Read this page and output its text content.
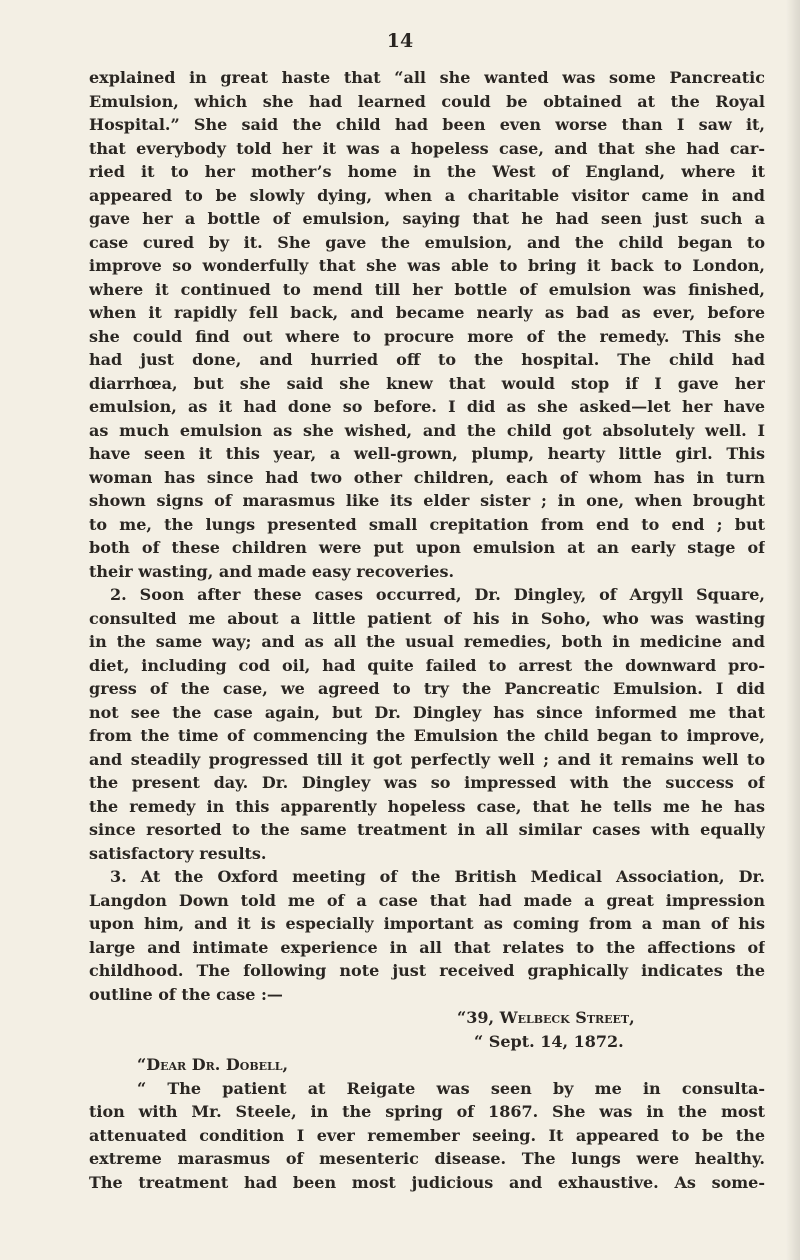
14
explained in great haste that “all she wanted was some Pancreatic
Emulsion, which she had learned could be obtained at the Royal
Hospital.” She said the child had been even worse than I saw it,
that everybody told her it was a hopeless case, and that she had car-
ried it to her mother’s home in the West of England, where it
appeared to be slowly dying, when a charitable visitor came in and
gave her a bottle of emulsion, saying that he had seen just such a
case cured by it. She gave the emulsion, and the child began to
improve so wonderfully that she was able to bring it back to London,
where it continued to mend till her bottle of emulsion was finished,
when it rapidly fell back, and became nearly as bad as ever, before
she could find out where to procure more of the remedy. This she
had just done, and hurried off to the hospital. The child had
diarrhœa, but she said she knew that would stop if I gave her
emulsion, as it had done so before. I did as she asked—let her have
as much emulsion as she wished, and the child got absolutely well. I
have seen it this year, a well-grown, plump, hearty little girl. This
woman has since had two other children, each of whom has in turn
shown signs of marasmus like its elder sister ; in one, when brought
to me, the lungs presented small crepitation from end to end ; but
both of these children were put upon emulsion at an early stage of
their wasting, and made easy recoveries.
2. Soon after these cases occurred, Dr. Dingley, of Argyll Square,
consulted me about a little patient of his in Soho, who was wasting
in the same way; and as all the usual remedies, both in medicine and
diet, including cod oil, had quite failed to arrest the downward pro-
gress of the case, we agreed to try the Pancreatic Emulsion. I did
not see the case again, but Dr. Dingley has since informed me that
from the time of commencing the Emulsion the child began to improve,
and steadily progressed till it got perfectly well ; and it remains well to
the present day. Dr. Dingley was so impressed with the success of
the remedy in this apparently hopeless case, that he tells me he has
since resorted to the same treatment in all similar cases with equally
satisfactory results.
3. At the Oxford meeting of the British Medical Association, Dr.
Langdon Down told me of a case that had made a great impression
upon him, and it is especially important as coming from a man of his
large and intimate experience in all that relates to the affections of
childhood. The following note just received graphically indicates the
outline of the case :—
“39, Welbeck Street,
“ Sept. 14, 1872.
“Dear Dr. Dobell,
“ The patient at Reigate was seen by me in consulta-
tion with Mr. Steele, in the spring of 1867. She was in the most
attenuated condition I ever remember seeing. It appeared to be the
extreme marasmus of mesenteric disease. The lungs were healthy.
The treatment had been most judicious and exhaustive. As some-
